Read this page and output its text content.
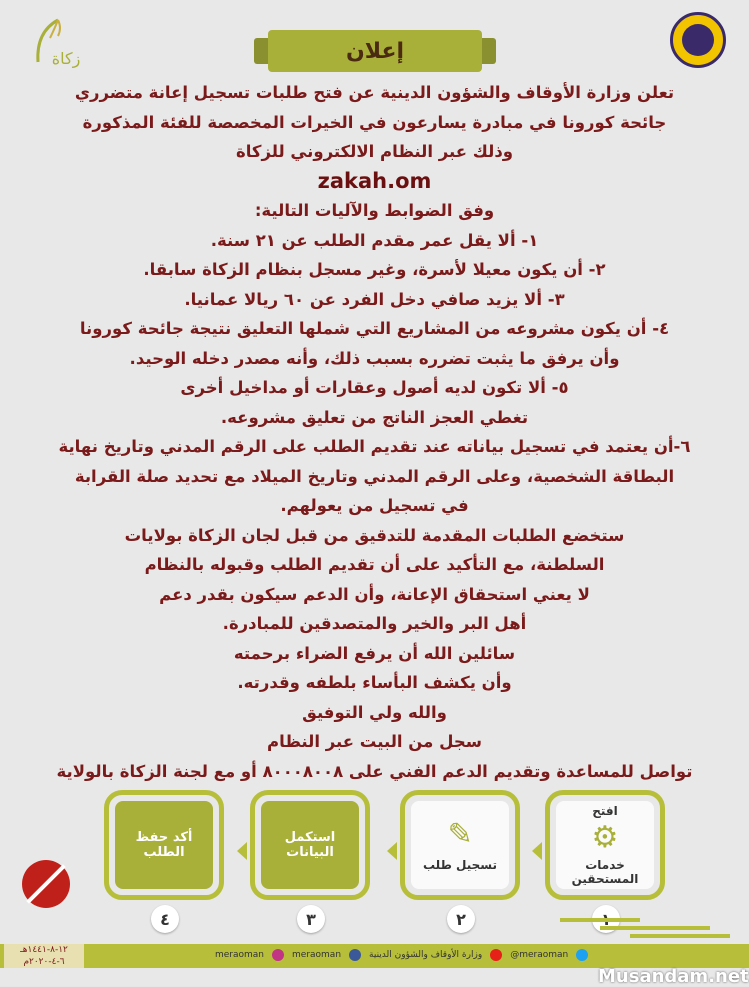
زكاة	إعلان
تعلن وزارة الأوقاف والشؤون الدينية عن فتح طلبات تسجيل إعانة متضرري
جائحة كورونا في مبادرة يسارعون في الخيرات المخصصة للفئة المذكورة
وذلك عبر النظام الالكتروني للزكاة
zakah.om
وفق الضوابط والآليات التالية:
١- ألا يقل عمر مقدم الطلب عن ٢١ سنة.
٢- أن يكون معيلا لأسرة، وغير مسجل بنظام الزكاة سابقا.
٣- ألا يزيد صافي دخل الفرد عن ٦٠ ريالا عمانيا.
٤- أن يكون مشروعه من المشاريع التي شملها التعليق نتيجة جائحة كورونا
وأن يرفق ما يثبت تضرره بسبب ذلك، وأنه مصدر دخله الوحيد.
٥- ألا تكون لديه أصول وعقارات أو مداخيل أخرى
تغطي العجز الناتج من تعليق مشروعه.
٦-أن يعتمد في تسجيل بياناته عند تقديم الطلب على الرقم المدني وتاريخ نهاية
البطاقة الشخصية، وعلى الرقم المدني وتاريخ الميلاد مع تحديد صلة القرابة
في تسجيل من يعولهم.
ستخضع الطلبات المقدمة للتدقيق من قبل لجان الزكاة بولايات
السلطنة، مع التأكيد على أن تقديم الطلب وقبوله بالنظام
لا يعني استحقاق الإعانة، وأن الدعم سيكون بقدر دعم
أهل البر والخير والمتصدقين للمبادرة.
سائلين الله أن يرفع الضراء برحمته
وأن يكشف البأساء بلطفه وقدرته.
والله ولي التوفيق
سجل من البيت عبر النظام
تواصل للمساعدة وتقديم الدعم الفني على ٨٠٠٠٨٠٠٨ أو مع لجنة الزكاة بالولاية
افتح
⚙
خدمات المستحقين
✎
تسجيل طلب
استكمل البيانات
أكد حفظ الطلب
٢
٣
٤
١٢-٨-١٤٤١هـ
٦-٤-٢٠٢٠م
meraoman	meraoman	وزارة الأوقاف والشؤون الدينية	@meraoman
Musandam.net
